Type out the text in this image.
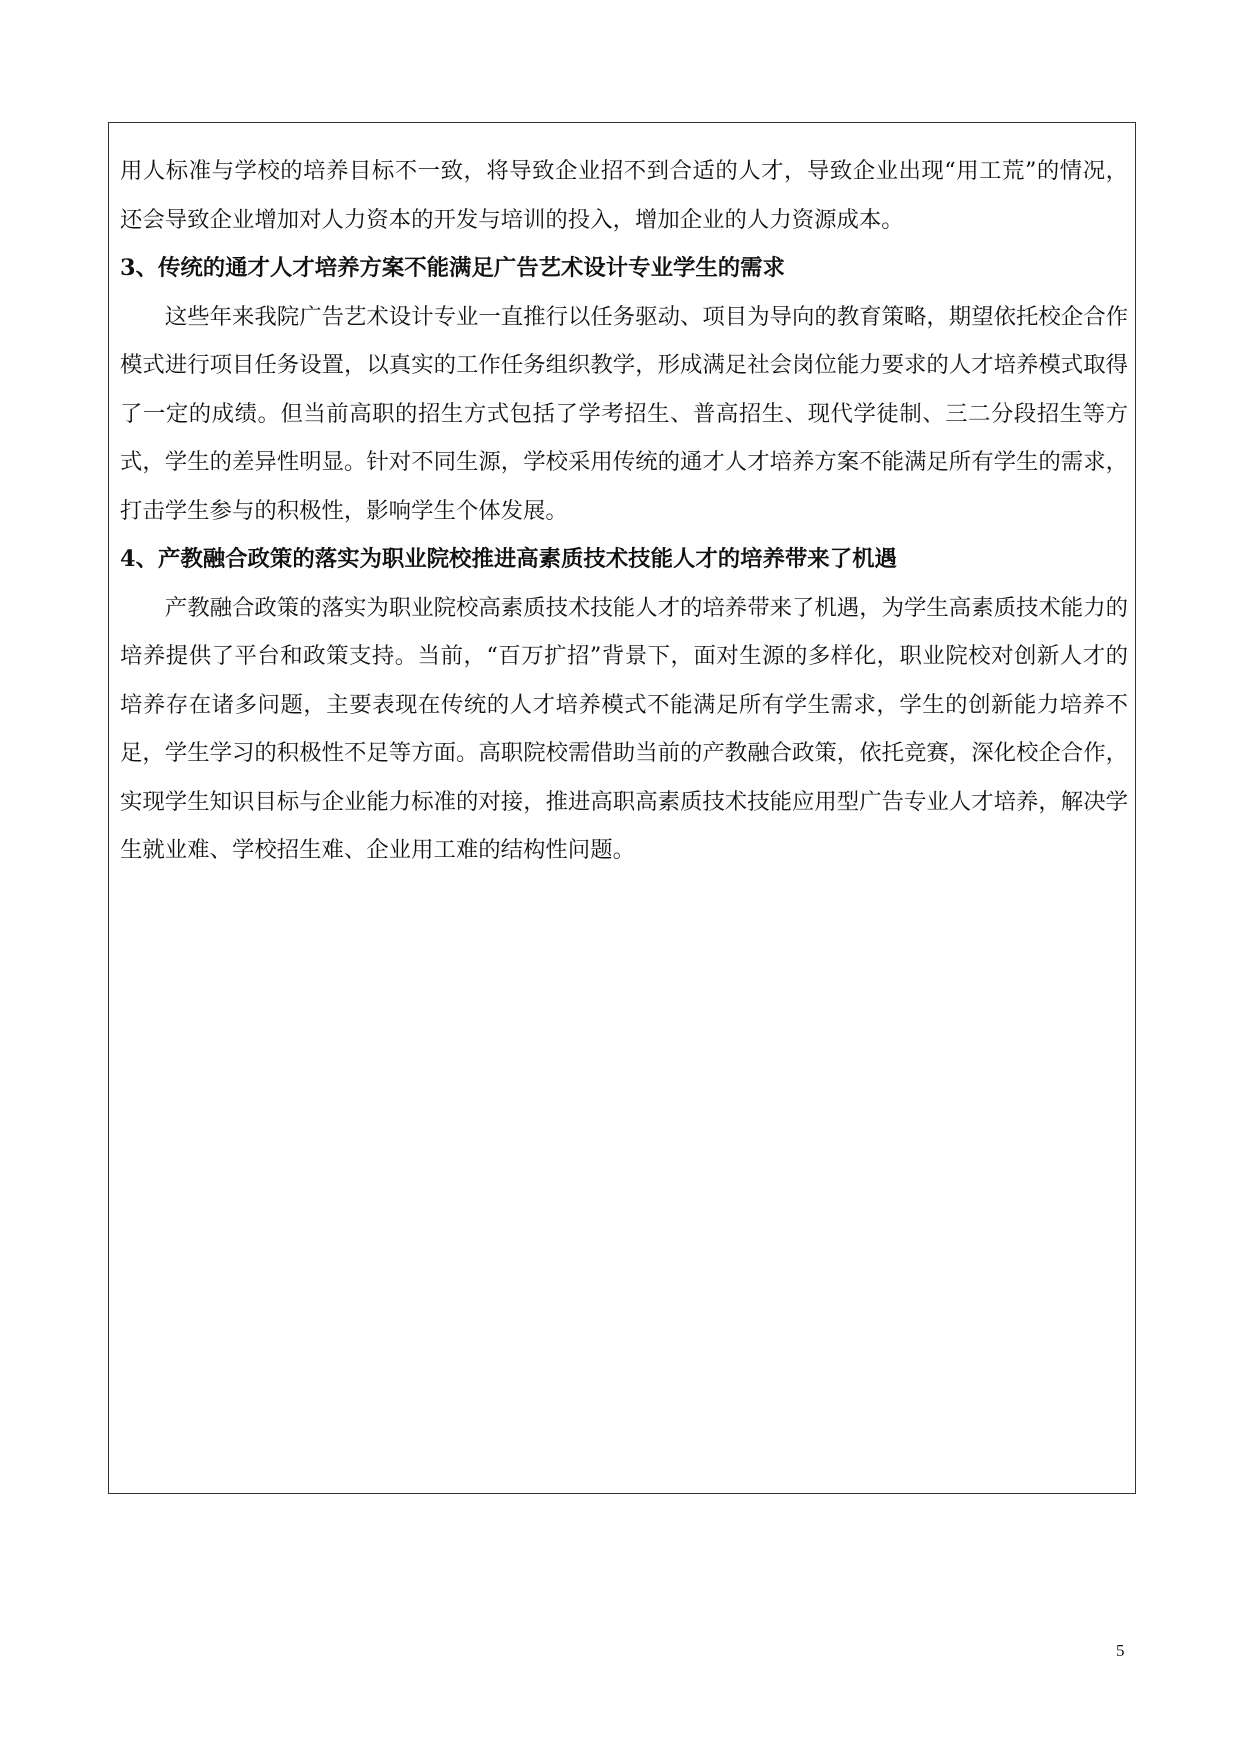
用人标准与学校的培养目标不一致，将导致企业招不到合适的人才，导致企业出现“用工荒”的情况，还会导致企业增加对人力资本的开发与培训的投入，增加企业的人力资源成本。

3、传统的通才人才培养方案不能满足广告艺术设计专业学生的需求

这些年来我院广告艺术设计专业一直推行以任务驱动、项目为导向的教育策略，期望依托校企合作模式进行项目任务设置，以真实的工作任务组织教学，形成满足社会岗位能力要求的人才培养模式取得了一定的成绩。但当前高职的招生方式包括了学考招生、普高招生、现代学徒制、三二分段招生等方式，学生的差异性明显。针对不同生源，学校采用传统的通才人才培养方案不能满足所有学生的需求，打击学生参与的积极性，影响学生个体发展。

4、产教融合政策的落实为职业院校推进高素质技术技能人才的培养带来了机遇

产教融合政策的落实为职业院校高素质技术技能人才的培养带来了机遇，为学生高素质技术能力的培养提供了平台和政策支持。当前，“百万扩招”背景下，面对生源的多样化，职业院校对创新人才的培养存在诸多问题，主要表现在传统的人才培养模式不能满足所有学生需求，学生的创新能力培养不足，学生学习的积极性不足等方面。高职院校需借助当前的产教融合政策，依托竞赛，深化校企合作，实现学生知识目标与企业能力标准的对接，推进高职高素质技术技能应用型广告专业人才培养，解决学生就业难、学校招生难、企业用工难的结构性问题。

5
